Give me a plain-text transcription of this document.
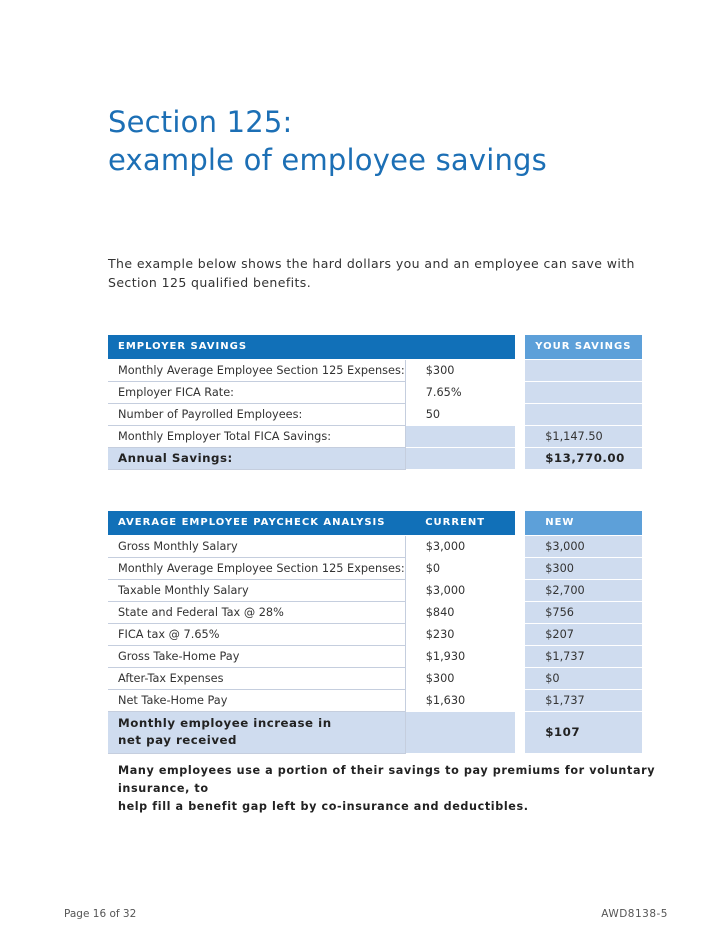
Section 125:
example of employee savings
The example below shows the hard dollars you and an employee can save with Section 125 qualified benefits.
EMPLOYER SAVINGS			YOUR SAVINGS
Monthly Average Employee Section 125 Expenses:	$300		
Employer FICA Rate:	7.65%		
Number of Payrolled Employees:	50		
Monthly Employer Total FICA Savings:			$1,147.50
Annual Savings:			$13,770.00
AVERAGE EMPLOYEE PAYCHECK ANALYSIS	CURRENT		NEW
Gross Monthly Salary	$3,000		$3,000
Monthly Average Employee Section 125 Expenses:	$0		$300
Taxable Monthly Salary	$3,000		$2,700
State and Federal Tax @ 28%	$840		$756
FICA tax @ 7.65%	$230		$207
Gross Take-Home Pay	$1,930		$1,737
After-Tax Expenses	$300		$0
Net Take-Home Pay	$1,630		$1,737

Monthly employee increase in
net pay received			$107
Many employees use a portion of their savings to pay premiums for voluntary insurance, to
help fill a benefit gap left by co-insurance and deductibles.
Page 16 of 32	AWD8138-5
